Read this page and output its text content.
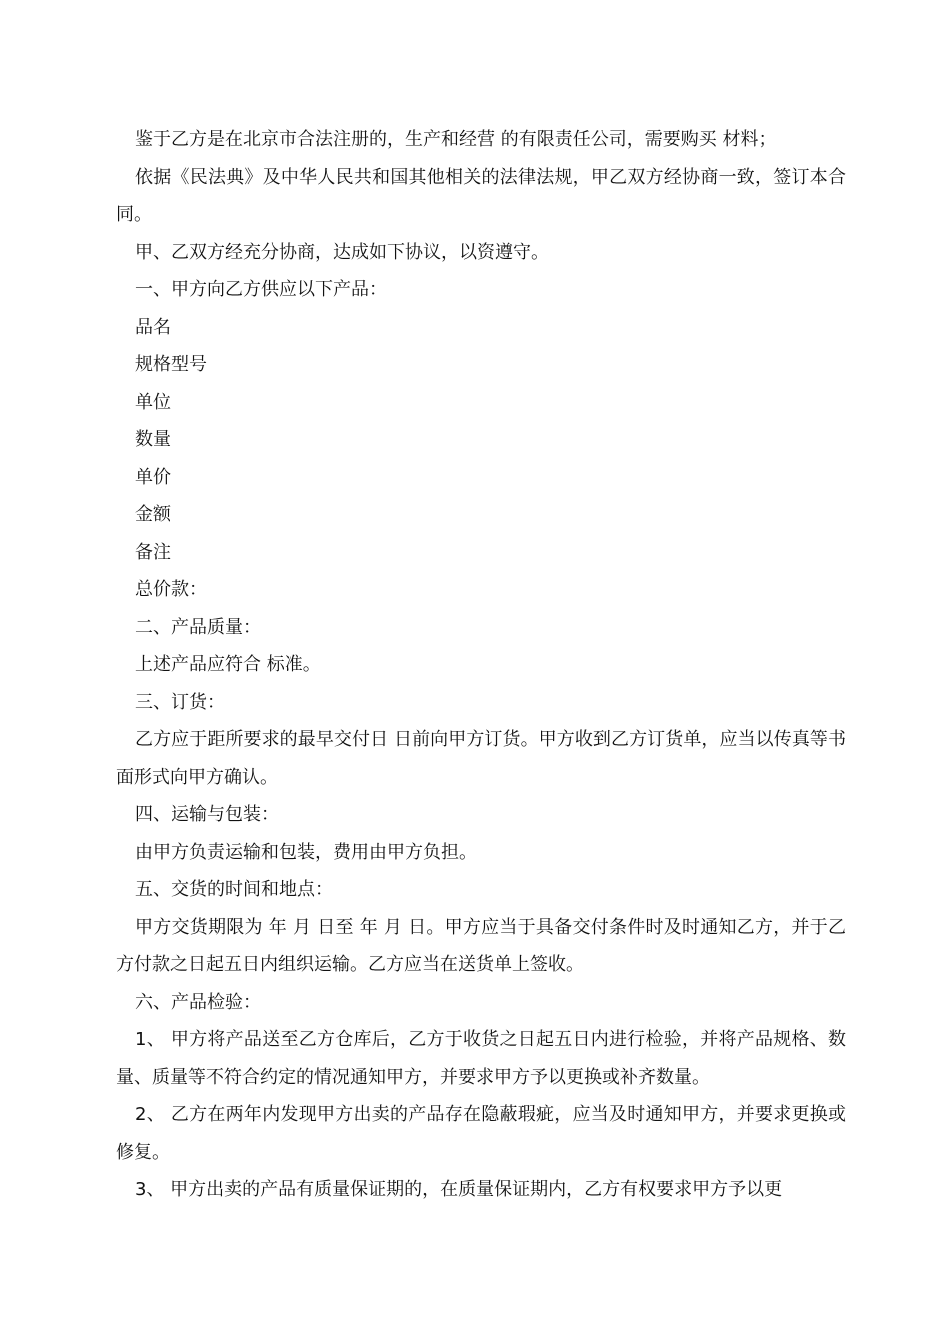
鉴于乙方是在北京市合法注册的，生产和经营 的有限责任公司，需要购买 材料；

依据《民法典》及中华人民共和国其他相关的法律法规，甲乙双方经协商一致，签订本合同。

甲、乙双方经充分协商，达成如下协议，以资遵守。

一、甲方向乙方供应以下产品：

品名

规格型号

单位

数量

单价

金额

备注

总价款：

二、产品质量：

上述产品应符合 标准。

三、订货：

乙方应于距所要求的最早交付日 日前向甲方订货。甲方收到乙方订货单，应当以传真等书面形式向甲方确认。

四、运输与包装：

由甲方负责运输和包装，费用由甲方负担。

五、交货的时间和地点：

甲方交货期限为 年 月 日至 年 月 日。甲方应当于具备交付条件时及时通知乙方，并于乙方付款之日起五日内组织运输。乙方应当在送货单上签收。

六、产品检验：

1、 甲方将产品送至乙方仓库后，乙方于收货之日起五日内进行检验，并将产品规格、数量、质量等不符合约定的情况通知甲方，并要求甲方予以更换或补齐数量。

2、 乙方在两年内发现甲方出卖的产品存在隐蔽瑕疵，应当及时通知甲方，并要求更换或修复。

3、 甲方出卖的产品有质量保证期的，在质量保证期内，乙方有权要求甲方予以更
